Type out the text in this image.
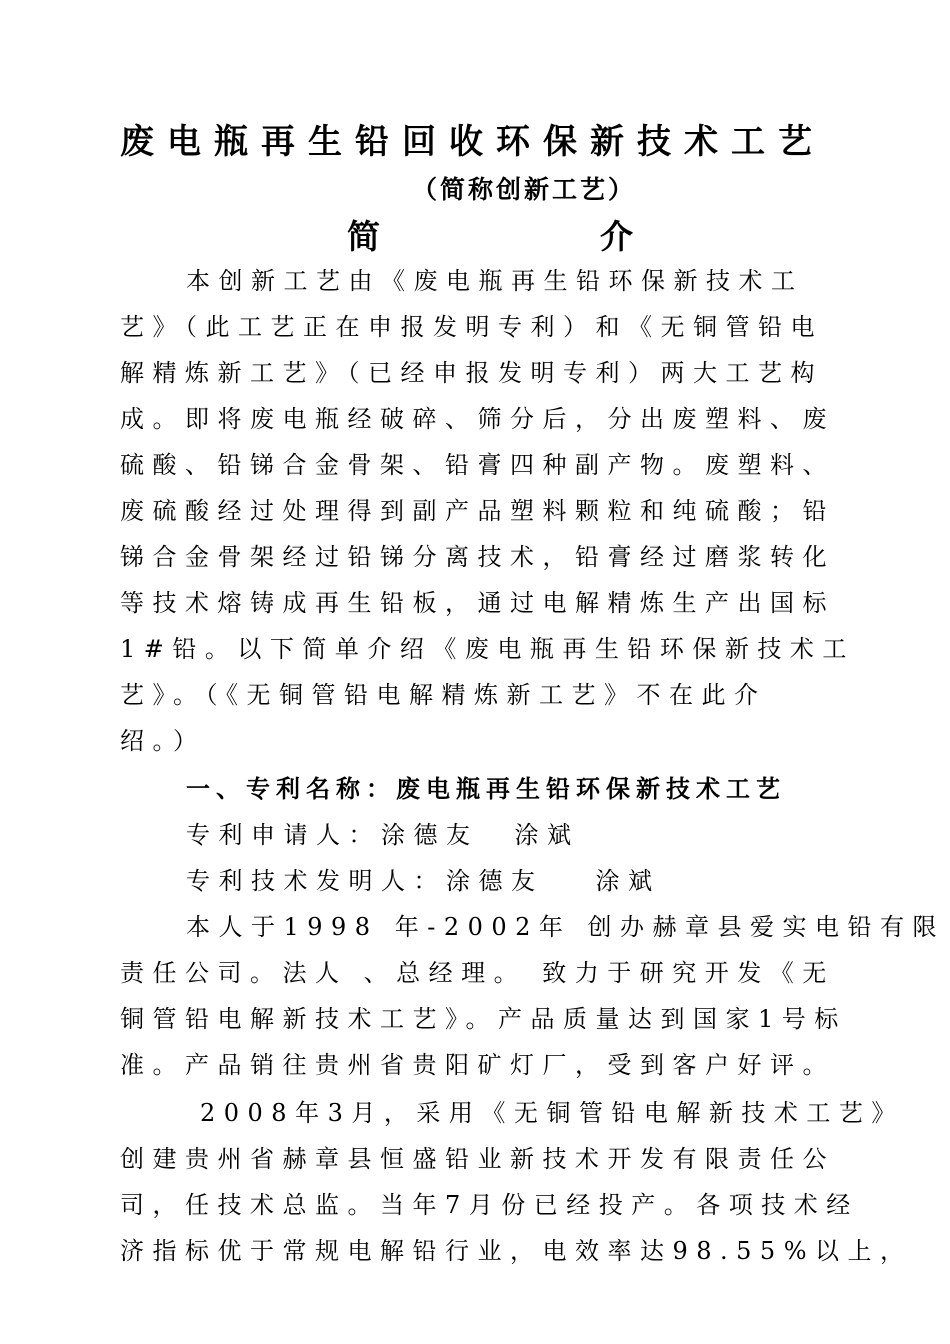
废电瓶再生铅回收环保新技术工艺
（简称创新工艺）
简	介
本创新工艺由《废电瓶再生铅环保新技术工
艺》（此工艺正在申报发明专利）和《无铜管铅电
解精炼新工艺》（已经申报发明专利）两大工艺构
成。即将废电瓶经破碎、筛分后，分出废塑料、废
硫酸、铅锑合金骨架、铅膏四种副产物。废塑料、
废硫酸经过处理得到副产品塑料颗粒和纯硫酸；铅
锑合金骨架经过铅锑分离技术，铅膏经过磨浆转化
等技术熔铸成再生铅板，通过电解精炼生产出国标
1#铅。以下简单介绍《废电瓶再生铅环保新技术工
艺》。（《无铜管铅电解精炼新工艺》不在此介
绍。）
一、专利名称：废电瓶再生铅环保新技术工艺
专利申请人：涂德友 涂斌
专利技术发明人：涂德友 涂斌
本人于1998 年-2002年 创办赫章县爱实电铅有限
责任公司。法人 、总经理。 致力于研究开发《无
铜管铅电解新技术工艺》。产品质量达到国家1号标
准。产品销往贵州省贵阳矿灯厂，受到客户好评。
2008年3月，采用《无铜管铅电解新技术工艺》
创建贵州省赫章县恒盛铅业新技术开发有限责任公
司，任技术总监。当年7月份已经投产。各项技术经
济指标优于常规电解铅行业，电效率达98.55%以上，
